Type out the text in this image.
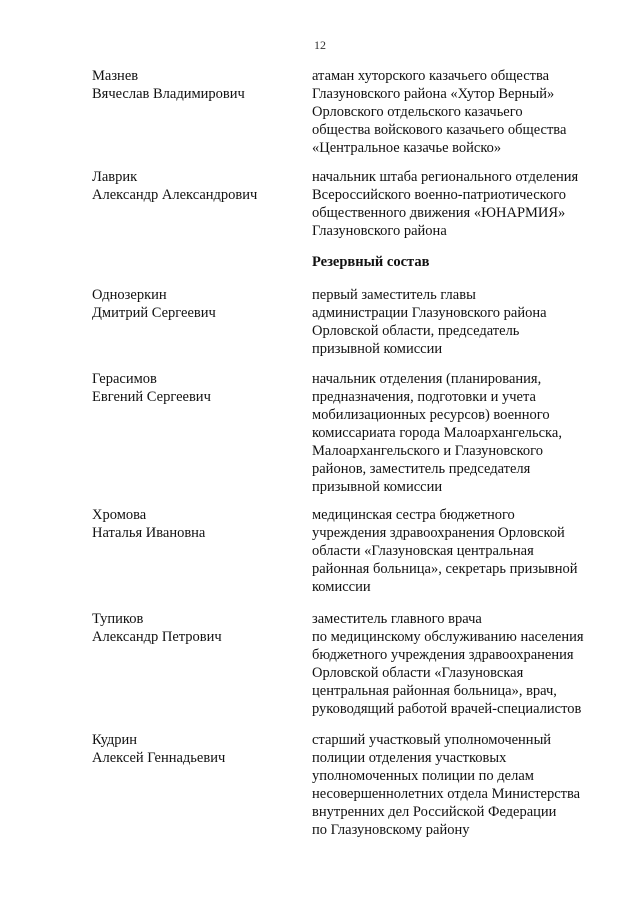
12
Мазнев
Вячеслав Владимирович
атаман хуторского казачьего общества
Глазуновского района «Хутор Верный»
Орловского отдельского казачьего
общества войскового казачьего общества
«Центральное казачье войско»
Лаврик
Александр Александрович
начальник штаба регионального отделения
Всероссийского военно-патриотического
общественного движения «ЮНАРМИЯ»
Глазуновского района
Резервный состав
Однозеркин
Дмитрий Сергеевич
первый заместитель главы
администрации Глазуновского района
Орловской области, председатель
призывной комиссии
Герасимов
Евгений Сергеевич
начальник отделения (планирования,
предназначения, подготовки и учета
мобилизационных ресурсов) военного
комиссариата города Малоархангельска,
Малоархангельского и Глазуновского
районов, заместитель председателя
призывной комиссии
Хромова
Наталья Ивановна
медицинская сестра бюджетного
учреждения здравоохранения Орловской
области «Глазуновская центральная
районная больница», секретарь призывной
комиссии
Тупиков
Александр Петрович
заместитель главного врача
по медицинскому обслуживанию населения
бюджетного учреждения здравоохранения
Орловской области «Глазуновская
центральная районная больница», врач,
руководящий работой врачей-специалистов
Кудрин
Алексей Геннадьевич
старший участковый уполномоченный
полиции отделения участковых
уполномоченных полиции по делам
несовершеннолетних отдела Министерства
внутренних дел Российской Федерации
по Глазуновскому району
